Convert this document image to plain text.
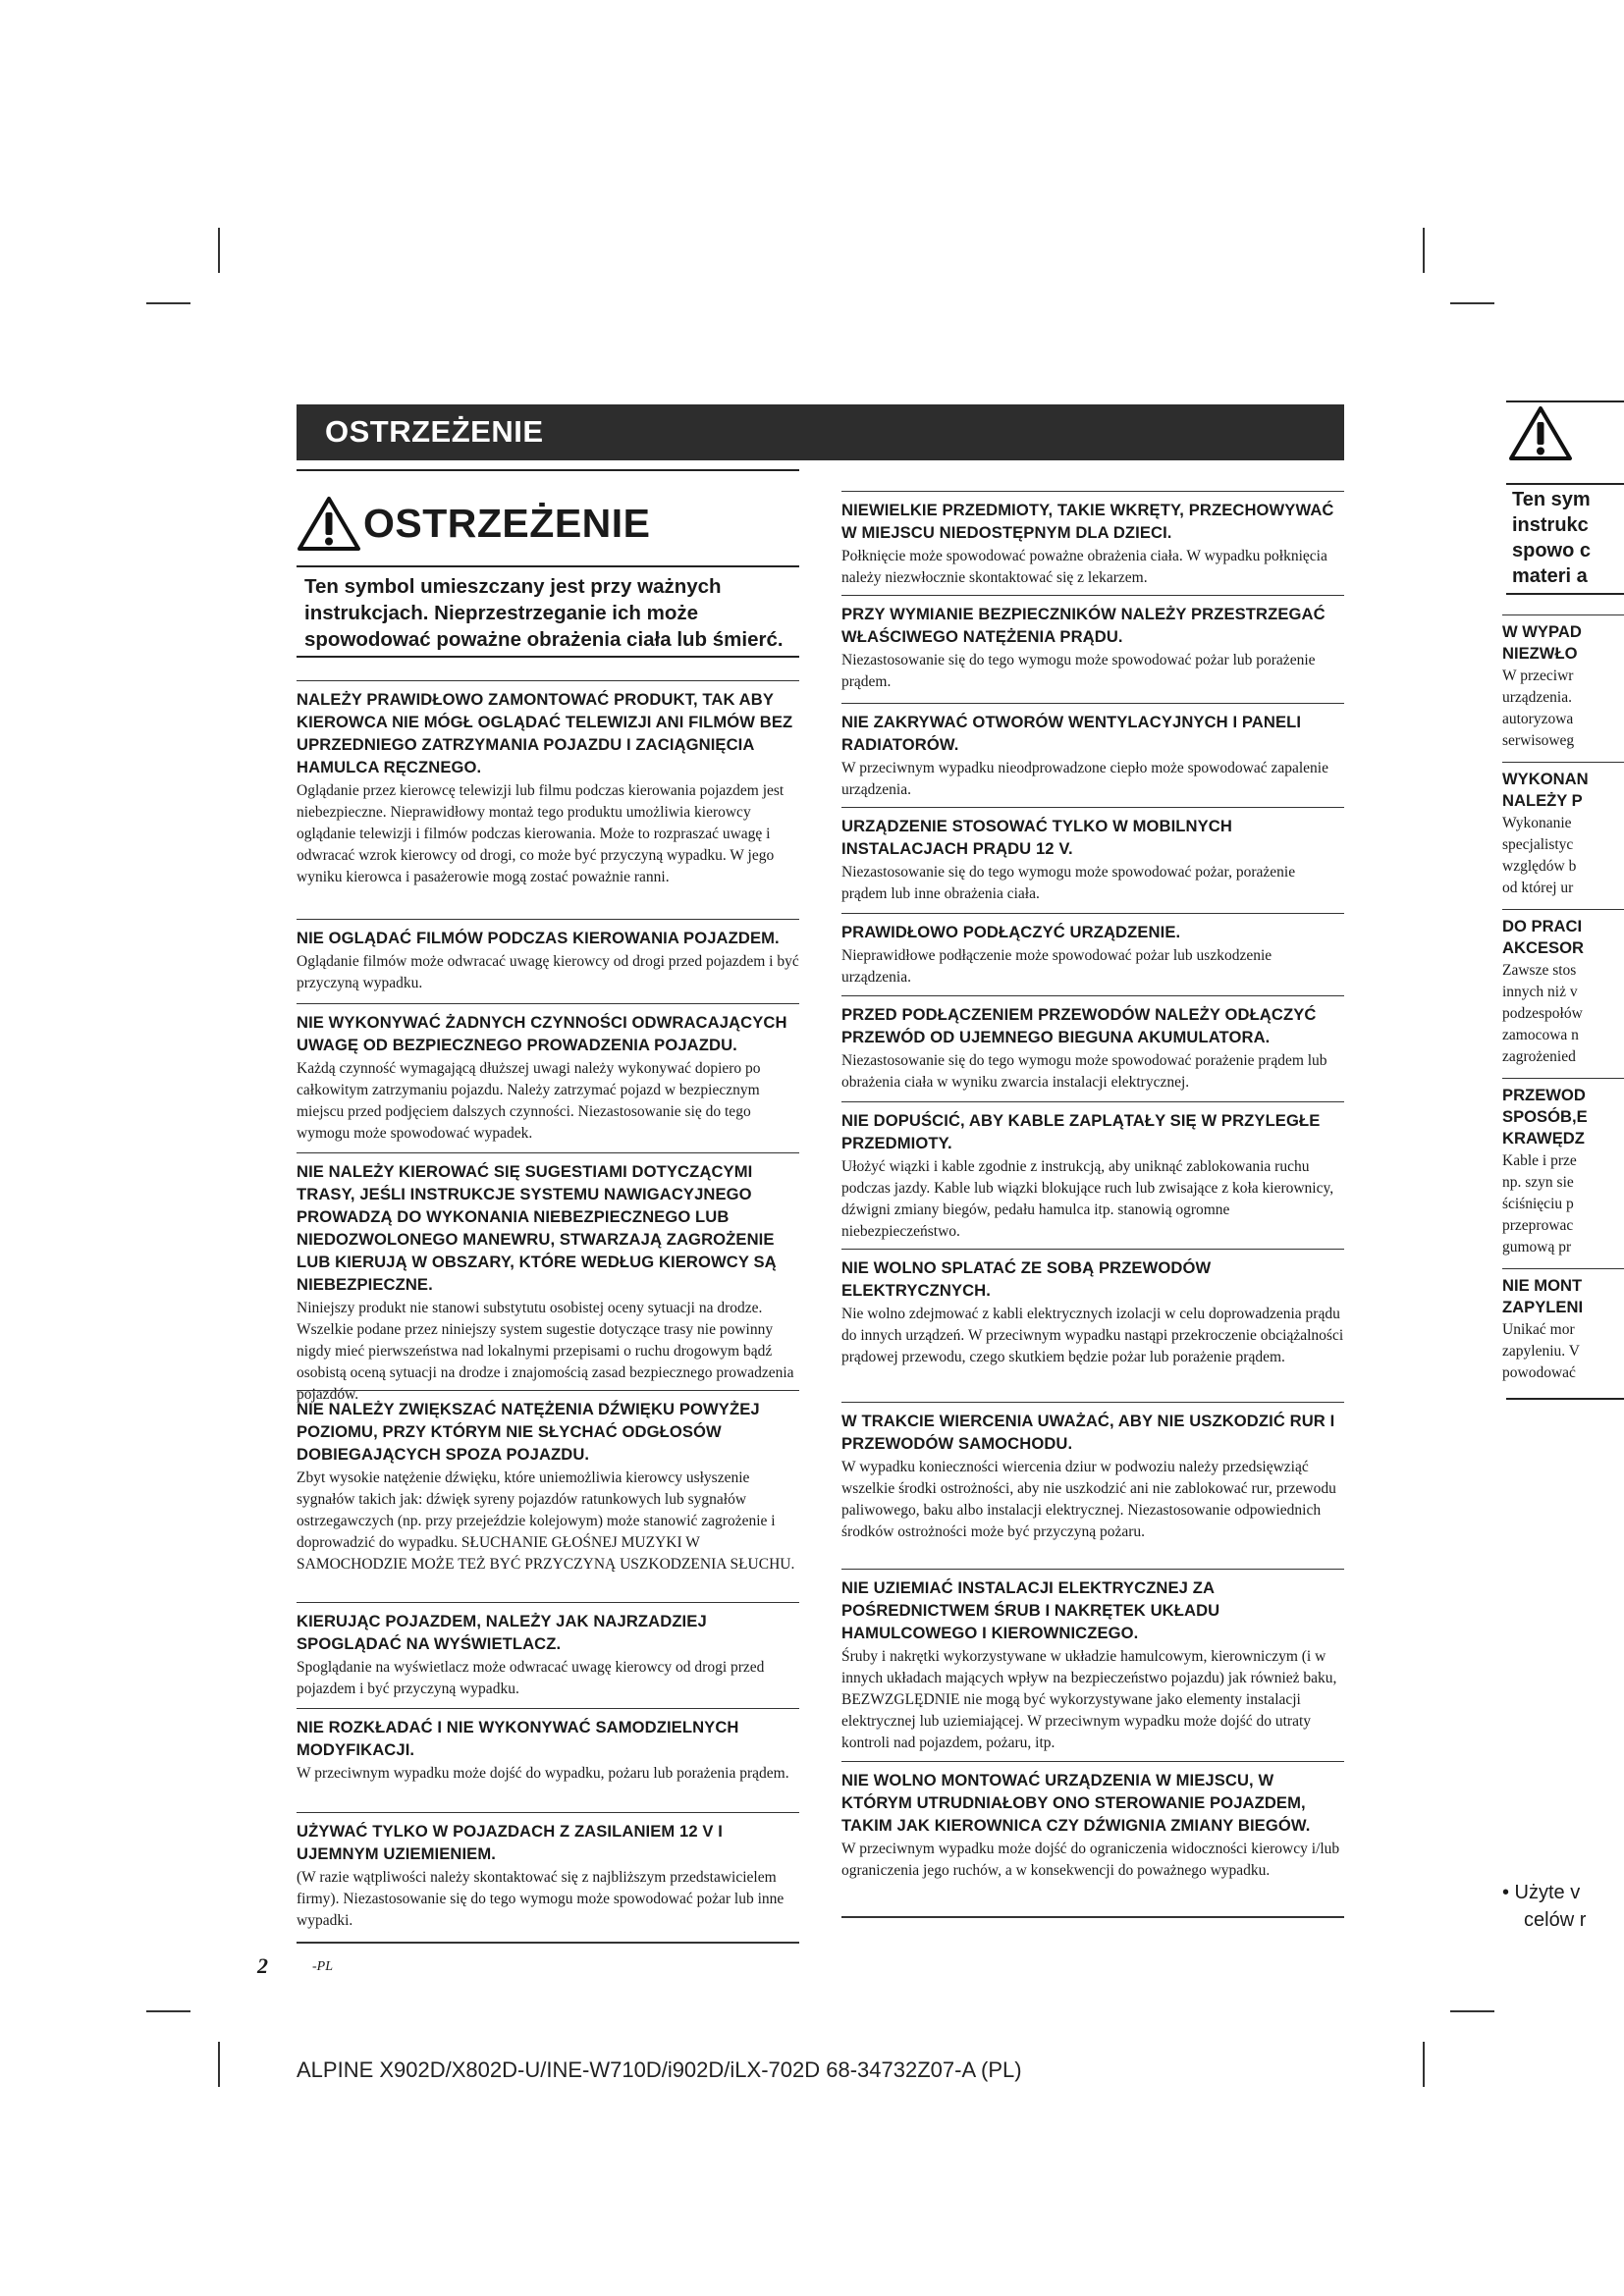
OSTRZEŻENIE
OSTRZEŻENIE
Ten symbol umieszczany jest przy ważnych instrukcjach. Nieprzestrzeganie ich może spowodować poważne obrażenia ciała lub śmierć.
NALEŻY PRAWIDŁOWO ZAMONTOWAĆ PRODUKT, TAK ABY KIEROWCA NIE MÓGŁ OGLĄDAĆ TELEWIZJI ANI FILMÓW BEZ UPRZEDNIEGO ZATRZYMANIA POJAZDU I ZACIĄGNIĘCIA HAMULCA RĘCZNEGO.
Oglądanie przez kierowcę telewizji lub filmu podczas kierowania pojazdem jest niebezpieczne. Nieprawidłowy montaż tego produktu umożliwia kierowcy oglądanie telewizji i filmów podczas kierowania. Może to rozpraszać uwagę i odwracać wzrok kierowcy od drogi, co może być przyczyną wypadku. W jego wyniku kierowca i pasażerowie mogą zostać poważnie ranni.
NIE OGLĄDAĆ FILMÓW PODCZAS KIEROWANIA POJAZDEM.
Oglądanie filmów może odwracać uwagę kierowcy od drogi przed pojazdem i być przyczyną wypadku.
NIE WYKONYWAĆ ŻADNYCH CZYNNOŚCI ODWRACAJĄCYCH UWAGĘ OD BEZPIECZNEGO PROWADZENIA POJAZDU.
Każdą czynność wymagającą dłuższej uwagi należy wykonywać dopiero po całkowitym zatrzymaniu pojazdu. Należy zatrzymać pojazd w bezpiecznym miejscu przed podjęciem dalszych czynności. Niezastosowanie się do tego wymogu może spowodować wypadek.
NIE NALEŻY KIEROWAĆ SIĘ SUGESTIAMI DOTYCZĄCYMI TRASY, JEŚLI INSTRUKCJE SYSTEMU NAWIGACYJNEGO PROWADZĄ DO WYKONANIA NIEBEZPIECZNEGO LUB NIEDOZWOLONEGO MANEWRU, STWARZAJĄ ZAGROŻENIE LUB KIERUJĄ W OBSZARY, KTÓRE WEDŁUG KIEROWCY SĄ NIEBEZPIECZNE.
Niniejszy produkt nie stanowi substytutu osobistej oceny sytuacji na drodze. Wszelkie podane przez niniejszy system sugestie dotyczące trasy nie powinny nigdy mieć pierwszeństwa nad lokalnymi przepisami o ruchu drogowym bądź osobistą oceną sytuacji na drodze i znajomością zasad bezpiecznego prowadzenia pojazdów.
NIE NALEŻY ZWIĘKSZAĆ NATĘŻENIA DŹWIĘKU POWYŻEJ POZIOMU, PRZY KTÓRYM NIE SŁYCHAĆ ODGŁOSÓW DOBIEGAJĄCYCH SPOZA POJAZDU.
Zbyt wysokie natężenie dźwięku, które uniemożliwia kierowcy usłyszenie sygnałów takich jak: dźwięk syreny pojazdów ratunkowych lub sygnałów ostrzegawczych (np. przy przejeździe kolejowym) może stanowić zagrożenie i doprowadzić do wypadku. SŁUCHANIE GŁOŚNEJ MUZYKI W SAMOCHODZIE MOŻE TEŻ BYĆ PRZYCZYNĄ USZKODZENIA SŁUCHU.
KIERUJĄC POJAZDEM, NALEŻY JAK NAJRZADZIEJ SPOGLĄDAĆ NA WYŚWIETLACZ.
Spoglądanie na wyświetlacz może odwracać uwagę kierowcy od drogi przed pojazdem i być przyczyną wypadku.
NIE ROZKŁADAĆ I NIE WYKONYWAĆ SAMODZIELNYCH MODYFIKACJI.
W przeciwnym wypadku może dojść do wypadku, pożaru lub porażenia prądem.
UŻYWAĆ TYLKO W POJAZDACH Z ZASILANIEM 12 V I UJEMNYM UZIEMIENIEM.
(W razie wątpliwości należy skontaktować się z najbliższym przedstawicielem firmy). Niezastosowanie się do tego wymogu może spowodować pożar lub inne wypadki.
NIEWIELKIE PRZEDMIOTY, TAKIE WKRĘTY, PRZECHOWYWAĆ W MIEJSCU NIEDOSTĘPNYM DLA DZIECI.
Połknięcie może spowodować poważne obrażenia ciała. W wypadku połknięcia należy niezwłocznie skontaktować się z lekarzem.
PRZY WYMIANIE BEZPIECZNIKÓW NALEŻY PRZESTRZEGAĆ WŁAŚCIWEGO NATĘŻENIA PRĄDU.
Niezastosowanie się do tego wymogu może spowodować pożar lub porażenie prądem.
NIE ZAKRYWAĆ OTWORÓW WENTYLACYJNYCH I PANELI RADIATORÓW.
W przeciwnym wypadku nieodprowadzone ciepło może spowodować zapalenie urządzenia.
URZĄDZENIE STOSOWAĆ TYLKO W MOBILNYCH INSTALACJACH PRĄDU 12 V.
Niezastosowanie się do tego wymogu może spowodować pożar, porażenie prądem lub inne obrażenia ciała.
PRAWIDŁOWO PODŁĄCZYĆ URZĄDZENIE.
Nieprawidłowe podłączenie może spowodować pożar lub uszkodzenie urządzenia.
PRZED PODŁĄCZENIEM PRZEWODÓW NALEŻY ODŁĄCZYĆ PRZEWÓD OD UJEMNEGO BIEGUNA AKUMULATORA.
Niezastosowanie się do tego wymogu może spowodować porażenie prądem lub obrażenia ciała w wyniku zwarcia instalacji elektrycznej.
NIE DOPUŚCIĆ, ABY KABLE ZAPLĄTAŁY SIĘ W PRZYLEGŁE PRZEDMIOTY.
Ułożyć wiązki i kable zgodnie z instrukcją, aby uniknąć zablokowania ruchu podczas jazdy. Kable lub wiązki blokujące ruch lub zwisające z koła kierownicy, dźwigni zmiany biegów, pedału hamulca itp. stanowią ogromne niebezpieczeństwo.
NIE WOLNO SPLATAĆ ZE SOBĄ PRZEWODÓW ELEKTRYCZNYCH.
Nie wolno zdejmować z kabli elektrycznych izolacji w celu doprowadzenia prądu do innych urządzeń. W przeciwnym wypadku nastąpi przekroczenie obciążalności prądowej przewodu, czego skutkiem będzie pożar lub porażenie prądem.
W TRAKCIE WIERCENIA UWAŻAĆ, ABY NIE USZKODZIĆ RUR I PRZEWODÓW SAMOCHODU.
W wypadku konieczności wiercenia dziur w podwoziu należy przedsięwziąć wszelkie środki ostrożności, aby nie uszkodzić ani nie zablokować rur, przewodu paliwowego, baku albo instalacji elektrycznej. Niezastosowanie odpowiednich środków ostrożności może być przyczyną pożaru.
NIE UZIEMIAĆ INSTALACJI ELEKTRYCZNEJ ZA POŚREDNICTWEM ŚRUB I NAKRĘTEK UKŁADU HAMULCOWEGO I KIEROWNICZEGO.
Śruby i nakrętki wykorzystywane w układzie hamulcowym, kierowniczym (i w innych układach mających wpływ na bezpieczeństwo pojazdu) jak również baku, BEZWZGLĘDNIE nie mogą być wykorzystywane jako elementy instalacji elektrycznej lub uziemiającej. W przeciwnym wypadku może dojść do utraty kontroli nad pojazdem, pożaru, itp.
NIE WOLNO MONTOWAĆ URZĄDZENIA W MIEJSCU, W KTÓRYM UTRUDNIAŁOBY ONO STEROWANIE POJAZDEM, TAKIM JAK KIEROWNICA CZY DŹWIGNIA ZMIANY BIEGÓW.
W przeciwnym wypadku może dojść do ograniczenia widoczności kierowcy i/lub ograniczenia jego ruchów, a w konsekwencji do poważnego wypadku.
2	-PL
ALPINE X902D/X802D-U/INE-W710D/i902D/iLX-702D 68-34732Z07-A (PL)
Ten sym
instrukc
spowo c
materi a
W WYPAD
NIEZWŁO
W przeciwr
urządzenia.
autoryzowa
serwisoweg
WYKONAN
NALEŻY P
Wykonanie
specjalistyc
względów b
od której ur
DO PRACI
AKCESOR
Zawsze stos
innych niż v
podzespołów
zamocowa n
zagrożenied
PRZEWOD
SPOSÓB,E
KRAWĘDZ
Kable i prze
np. szyn sie
ściśnięciu p
przeprowac
gumową pr
NIE MONT
ZAPYLENI
Unikać mor
zapyleniu. V
powodować
• Użyte v
celów r
